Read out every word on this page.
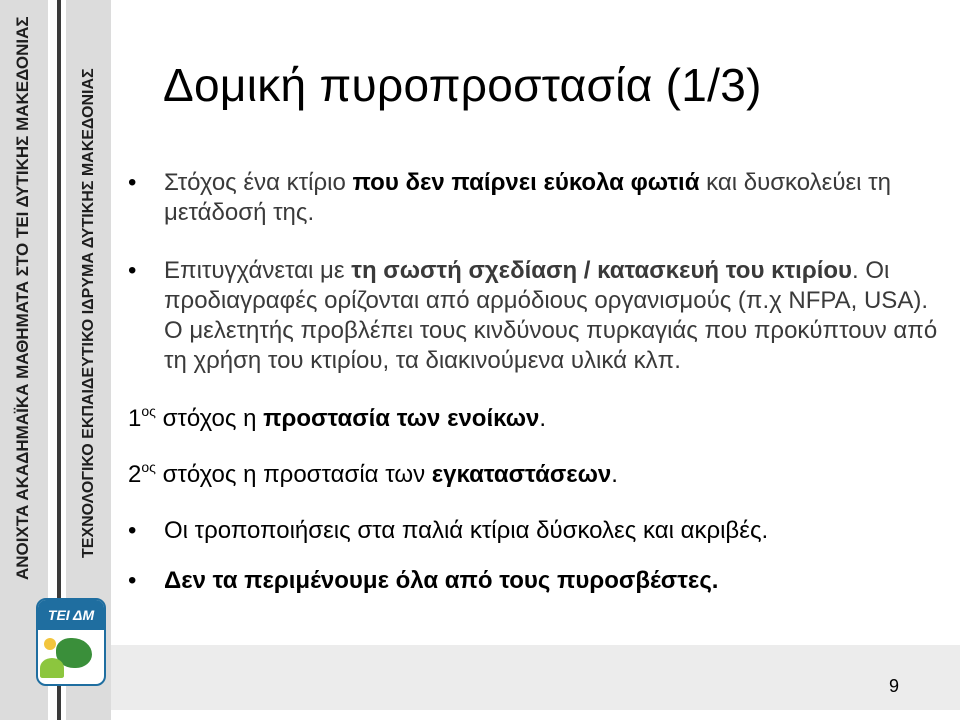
ΑΝΟΙΧΤΑ ΑΚΑΔΗΜΑΪΚΑ ΜΑΘΗΜΑΤΑ ΣΤΟ ΤΕΙ ΔΥΤΙΚΗΣ ΜΑΚΕΔΟΝΙΑΣ	ΤΕΧΝΟΛΟΓΙΚΟ ΕΚΠΑΙΔΕΥΤΙΚΟ ΙΔΡΥΜΑ ΔΥΤΙΚΗΣ ΜΑΚΕΔΟΝΙΑΣ
ΤΕΙ ΔΜ
Δομική πυροπροστασία (1/3)
• Στόχος ένα κτίριο που δεν παίρνει εύκολα φωτιά και δυσκολεύει τη μετάδοσή της.
• Επιτυγχάνεται με τη σωστή σχεδίαση / κατασκευή του κτιρίου. Οι προδιαγραφές ορίζονται από αρμόδιους οργανισμούς (π.χ NFPA, USA). Ο μελετητής προβλέπει τους κινδύνους πυρκαγιάς που προκύπτουν από τη χρήση του κτιρίου, τα διακινούμενα υλικά κλπ.
$1^{o\varsigma}$ στόχος η προστασία των ενοίκων.
$2^{o\varsigma}$ στόχος η προστασία των εγκαταστάσεων.
• Οι τροποποιήσεις στα παλιά κτίρια δύσκολες και ακριβές.
• Δεν τα περιμένουμε όλα από τους πυροσβέστες.
9
